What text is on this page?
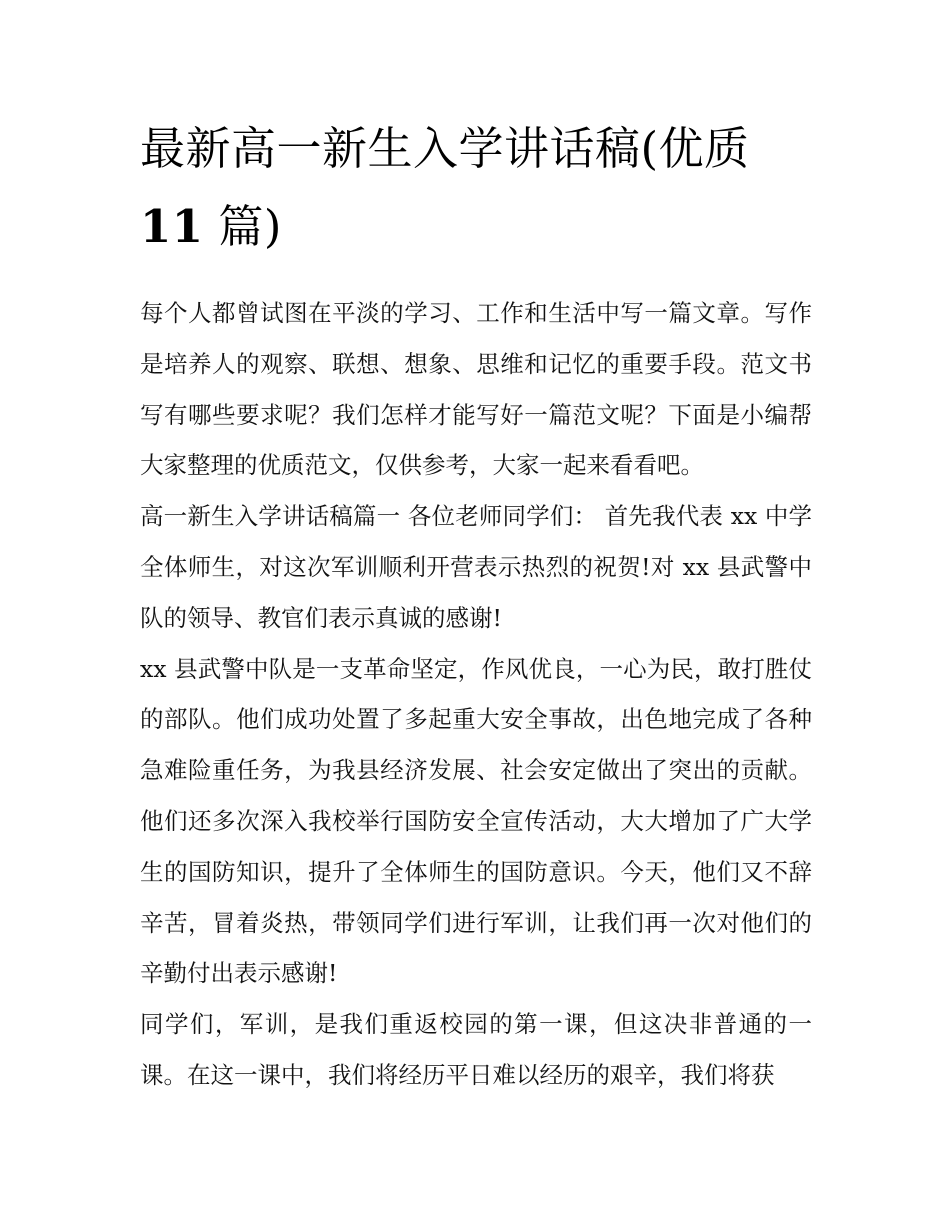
最新高一新生入学讲话稿(优质
11 篇)

每个人都曾试图在平淡的学习、工作和生活中写一篇文章。写作是培养人的观察、联想、想象、思维和记忆的重要手段。范文书写有哪些要求呢？我们怎样才能写好一篇范文呢？下面是小编帮大家整理的优质范文，仅供参考，大家一起来看看吧。

高一新生入学讲话稿篇一 各位老师同学们： 首先我代表 xx 中学全体师生，对这次军训顺利开营表示热烈的祝贺!对 xx 县武警中队的领导、教官们表示真诚的感谢!

xx 县武警中队是一支革命坚定，作风优良，一心为民，敢打胜仗的部队。他们成功处置了多起重大安全事故，出色地完成了各种急难险重任务，为我县经济发展、社会安定做出了突出的贡献。他们还多次深入我校举行国防安全宣传活动，大大增加了广大学生的国防知识，提升了全体师生的国防意识。今天，他们又不辞辛苦，冒着炎热，带领同学们进行军训，让我们再一次对他们的辛勤付出表示感谢!

同学们，军训，是我们重返校园的第一课，但这决非普通的一课。在这一课中，我们将经历平日难以经历的艰辛，我们将获
